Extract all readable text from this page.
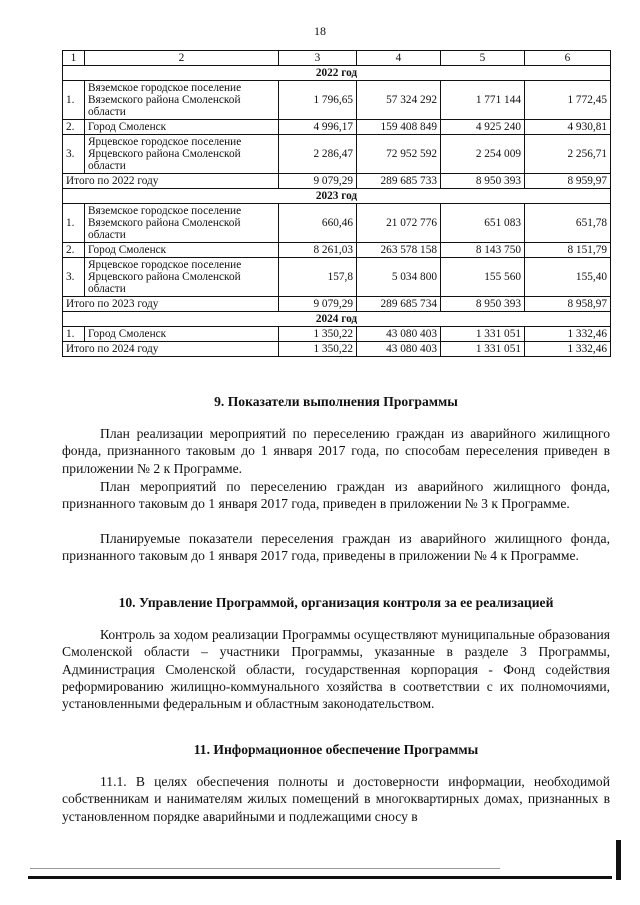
18
1	2	3	4	5	6
2022 год					
1.	Вяземское городское поселение Вяземского района Смоленской области	1 796,65	57 324 292	1 771 144	1 772,45
2.	Город Смоленск	4 996,17	159 408 849	4 925 240	4 930,81
3.	Ярцевское городское поселение Ярцевского района Смоленской области	2 286,47	72 952 592	2 254 009	2 256,71
Итого по 2022 году		9 079,29	289 685 733	8 950 393	8 959,97
2023 год					
1.	Вяземское городское поселение Вяземского района Смоленской области	660,46	21 072 776	651 083	651,78
2.	Город Смоленск	8 261,03	263 578 158	8 143 750	8 151,79
3.	Ярцевское городское поселение Ярцевского района Смоленской области	157,8	5 034 800	155 560	155,40
Итого по 2023 году		9 079,29	289 685 734	8 950 393	8 958,97
2024 год					
1.	Город Смоленск	1 350,22	43 080 403	1 331 051	1 332,46
Итого по 2024 году		1 350,22	43 080 403	1 331 051	1 332,46
9. Показатели выполнения Программы

План реализации мероприятий по переселению граждан из аварийного жилищного фонда, признанного таковым до 1 января 2017 года, по способам переселения приведен в приложении № 2 к Программе.

План мероприятий по переселению граждан из аварийного жилищного фонда, признанного таковым до 1 января 2017 года, приведен в приложении № 3 к Программе.

Планируемые показатели переселения граждан из аварийного жилищного фонда, признанного таковым до 1 января 2017 года, приведены в приложении № 4 к Программе.

10. Управление Программой, организация контроля за ее реализацией

Контроль за ходом реализации Программы осуществляют муниципальные образования Смоленской области – участники Программы, указанные в разделе 3 Программы, Администрация Смоленской области, государственная корпорация - Фонд содействия реформированию жилищно-коммунального хозяйства в соответствии с их полномочиями, установленными федеральным и областным законодательством.

11. Информационное обеспечение Программы

11.1. В целях обеспечения полноты и достоверности информации, необходимой собственникам и нанимателям жилых помещений в многоквартирных домах, признанных в установленном порядке аварийными и подлежащими сносу в
